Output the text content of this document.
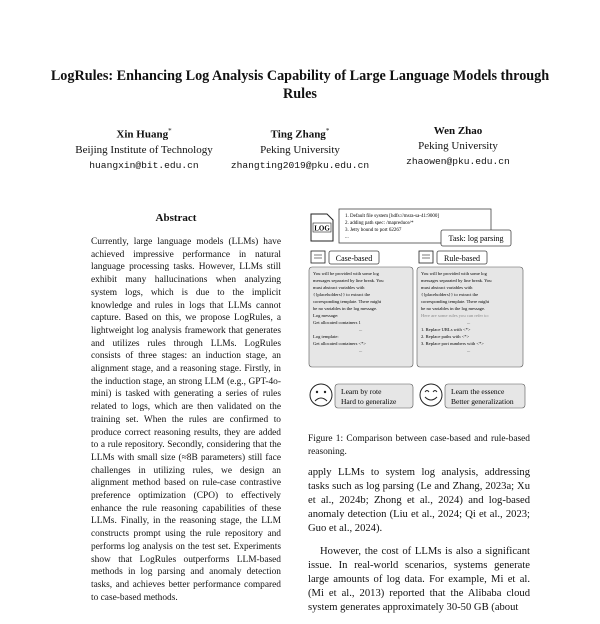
LogRules: Enhancing Log Analysis Capability of Large Language Models through Rules
Xin Huang*
Beijing Institute of Technology
huangxin@bit.edu.cn
Ting Zhang*
Peking University
zhangting2019@pku.edu.cn
Wen Zhao
Peking University
zhaowen@pku.edu.cn
Abstract
Currently, large language models (LLMs) have achieved impressive performance in natural language processing tasks. However, LLMs still exhibit many hallucinations when analyzing system logs, which is due to the implicit knowledge and rules in logs that LLMs cannot capture. Based on this, we propose LogRules, a lightweight log analysis framework that generates and utilizes rules through LLMs. LogRules consists of three stages: an induction stage, an alignment stage, and a reasoning stage. Firstly, in the induction stage, an strong LLM (e.g., GPT-4o-mini) is tasked with generating a series of rules related to logs, which are then validated on the training set. When the rules are confirmed to produce correct reasoning results, they are added to a rule repository. Secondly, considering that the LLMs with small size (≈8B parameters) still face challenges in utilizing rules, we design an alignment method based on rule-case contrastive preference optimization (CPO) to effectively enhance the rule reasoning capabilities of these LLMs. Finally, in the reasoning stage, the LLM constructs prompt using the rule repository and performs log analysis on the test set. Experiments show that LogRules outperforms LLM-based methods in log parsing and anomaly detection tasks, and achieves better performance compared to case-based methods.
LOG
1. Default file system [hdfs://msra-sa-41:9000]
2. adding path spec: /mapreduce/*
3. Jetty bound to port 62267
...	Task: log parsing
Case-based	Rule-based
You will be provided with some log
messages separated by line break. You
must abstract variables with
{{placeholders}} to extract the
corresponding template. There might
be no variables in the log message.
Log message:
Get allocated containers 1
...
Log template:
Get allocated containers <*>
...
You will be provided with some log
messages separated by line break. You
must abstract variables with
{{placeholders}} to extract the
corresponding template. There might
be no variables in the log message.
Here are some rules you can refer to:
...
1. Replace URLs with <*>
2. Replace paths with <*>
3. Replace port numbers with <*>
...
Learn by rote
Hard to generalize
Learn the essence
Better generalization
Figure 1: Comparison between case-based and rule-based reasoning.

apply LLMs to system log analysis, addressing tasks such as log parsing (Le and Zhang, 2023a; Xu et al., 2024b; Zhong et al., 2024) and log-based anomaly detection (Liu et al., 2024; Qi et al., 2023; Guo et al., 2024).

However, the cost of LLMs is also a significant issue. In real-world scenarios, systems generate large amounts of log data. For example, Mi et al. (Mi et al., 2013) reported that the Alibaba cloud system generates approximately 30-50 GB (about
